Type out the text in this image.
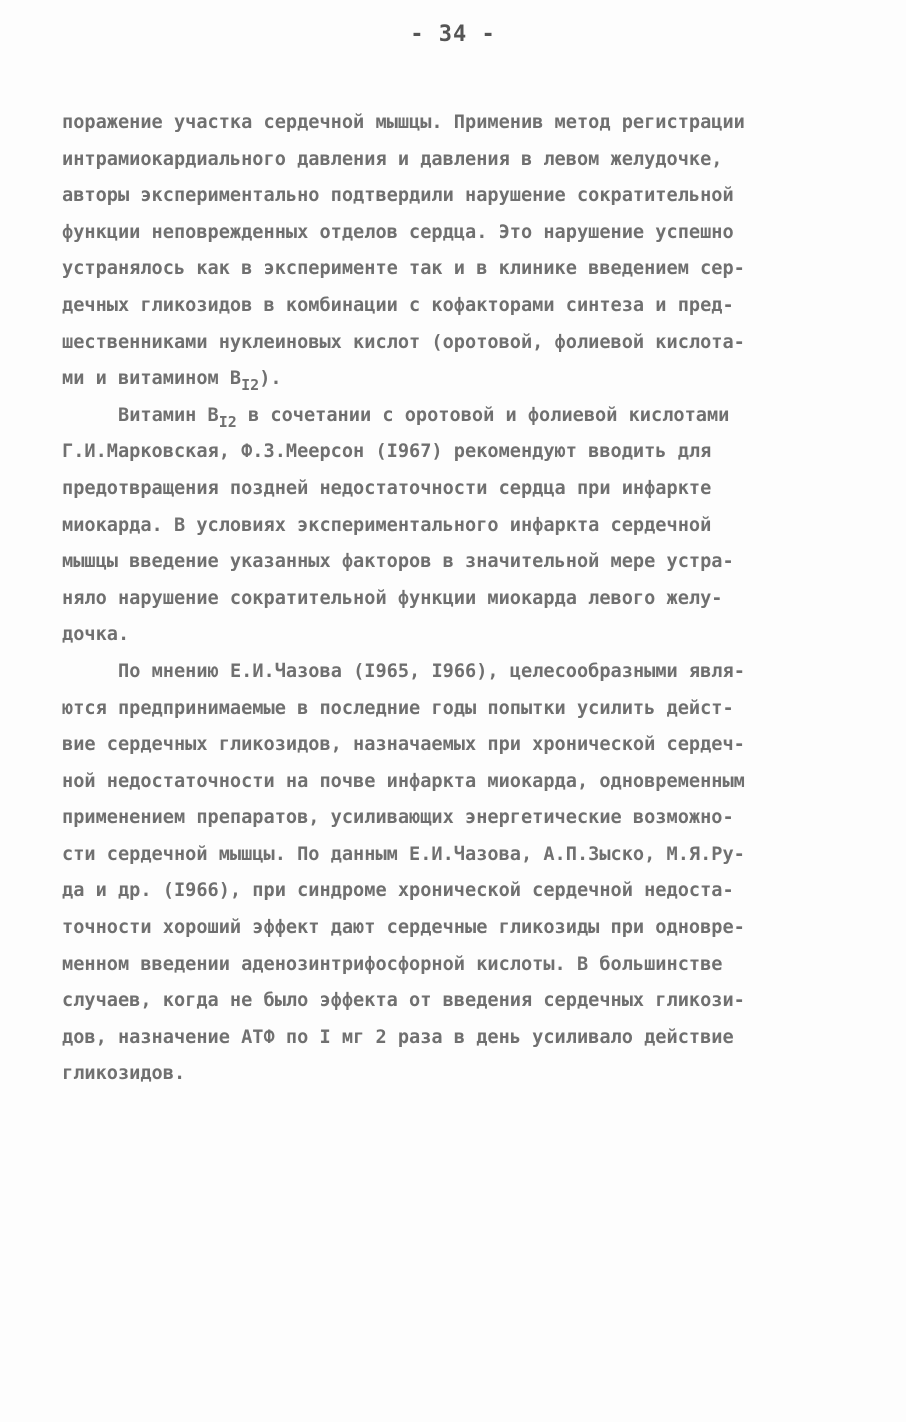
- 34 -
поражение участка сердечной мышцы. Применив метод регистрации
интрамиокардиального давления и давления в левом желудочке,
авторы экспериментально подтвердили нарушение сократительной
функции неповрежденных отделов сердца. Это нарушение успешно
устранялось как в эксперименте так и в клинике введением сер-
дечных гликозидов в комбинации с кофакторами синтеза и пред-
шественниками нуклеиновых кислот (оротовой, фолиевой кислота-
ми и витамином $В_{I2}$).
Витамин $В_{I2}$ в сочетании с оротовой и фолиевой кислотами
Г.И.Марковская, Ф.З.Меерсон (I967) рекомендуют вводить для
предотвращения поздней недостаточности сердца при инфаркте
миокарда. В условиях экспериментального инфаркта сердечной
мышцы введение указанных факторов в значительной мере устра-
няло нарушение сократительной функции миокарда левого желу-
дочка.
По мнению Е.И.Чазова (I965, I966), целесообразными явля-
ются предпринимаемые в последние годы попытки усилить дейст-
вие сердечных гликозидов, назначаемых при хронической сердеч-
ной недостаточности на почве инфаркта миокарда, одновременным
применением препаратов, усиливающих энергетические возможно-
сти сердечной мышцы. По данным Е.И.Чазова, А.П.Зыско, М.Я.Ру-
да и др. (I966), при синдроме хронической сердечной недоста-
точности хороший эффект дают сердечные гликозиды при одновре-
менном введении аденозинтрифосфорной кислоты. В большинстве
случаев, когда не было эффекта от введения сердечных гликози-
дов, назначение АТФ по I мг 2 раза в день усиливало действие
гликозидов.
